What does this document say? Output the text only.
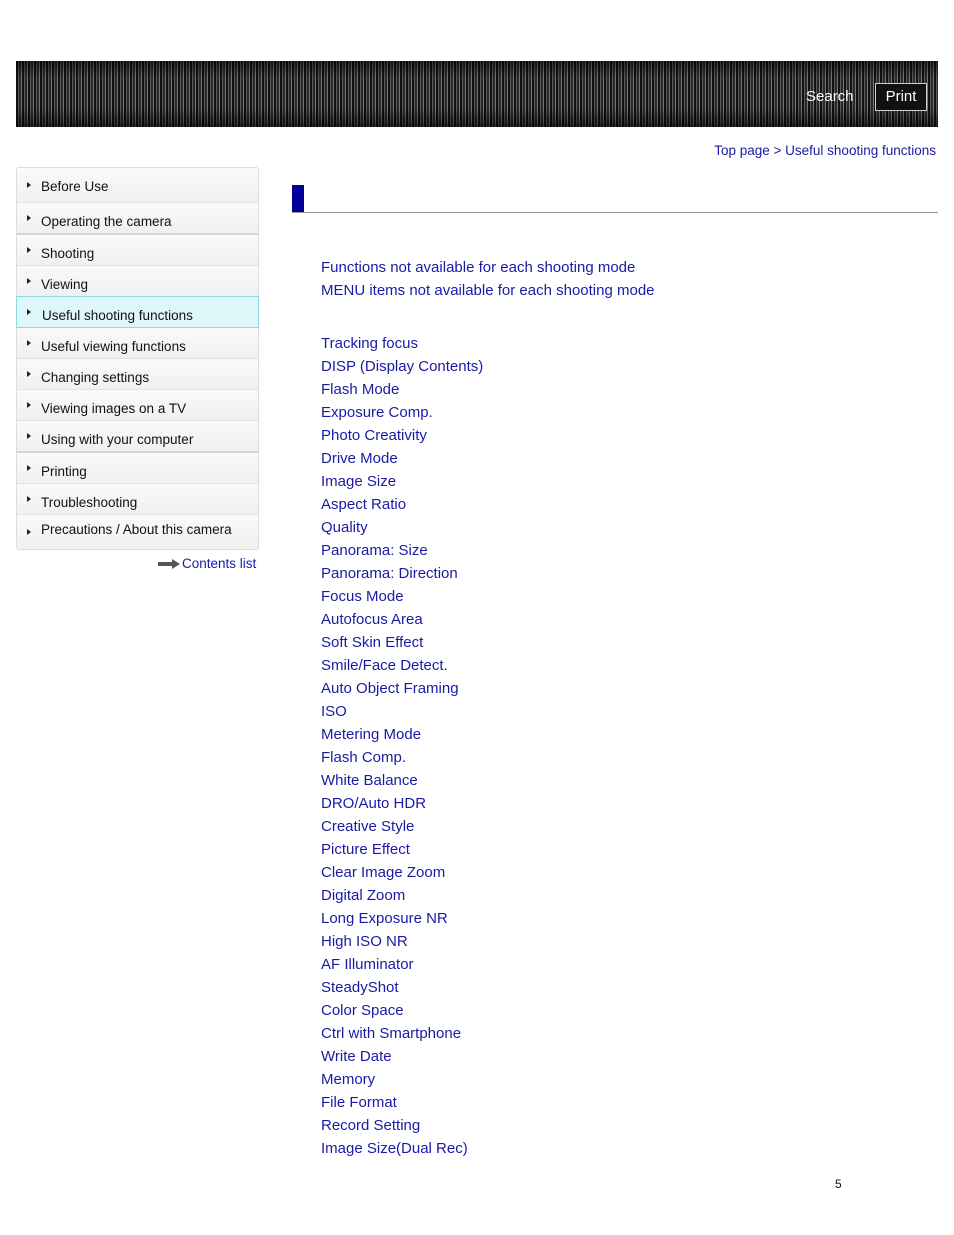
Search	Print
Top page > Useful shooting functions
Before Use
Operating the camera
Shooting
Viewing
Useful shooting functions
Useful viewing functions
Changing settings
Viewing images on a TV
Using with your computer
Printing
Troubleshooting
Precautions / About this camera
Contents list
Functions not available for each shooting mode
MENU items not available for each shooting mode
Tracking focus
DISP (Display Contents)
Flash Mode
Exposure Comp.
Photo Creativity
Drive Mode
Image Size
Aspect Ratio
Quality
Panorama: Size
Panorama: Direction
Focus Mode
Autofocus Area
Soft Skin Effect
Smile/Face Detect.
Auto Object Framing
ISO
Metering Mode
Flash Comp.
White Balance
DRO/Auto HDR
Creative Style
Picture Effect
Clear Image Zoom
Digital Zoom
Long Exposure NR
High ISO NR
AF Illuminator
SteadyShot
Color Space
Ctrl with Smartphone
Write Date
Memory
File Format
Record Setting
Image Size(Dual Rec)
5
